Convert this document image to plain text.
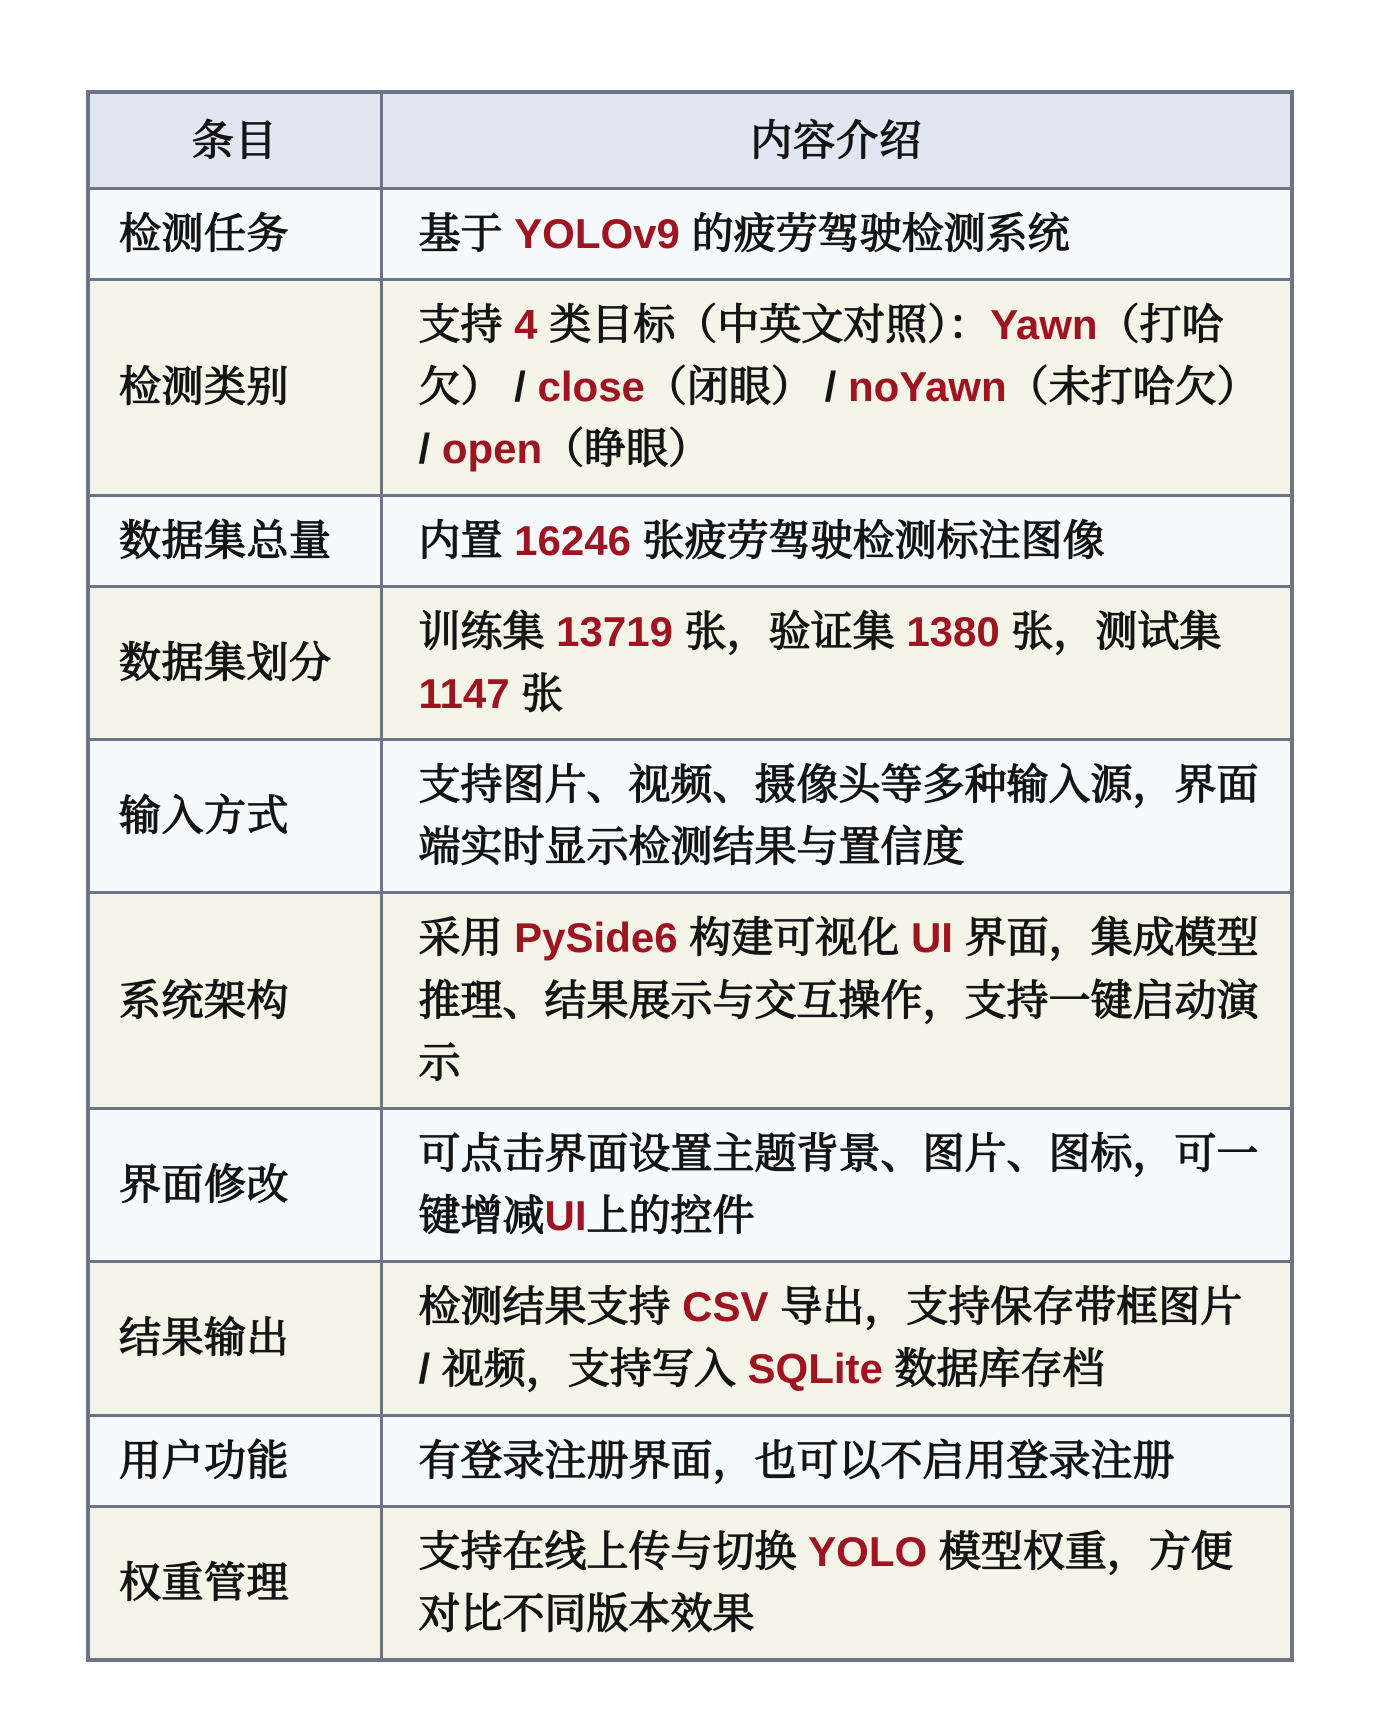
条目	内容介绍
检测任务	基于 YOLOv9 的疲劳驾驶检测系统
检测类别	支持 4 类目标（中英文对照）：Yawn（打哈欠） / close（闭眼） / noYawn（未打哈欠） / open（睁眼）
数据集总量	内置 16246 张疲劳驾驶检测标注图像
数据集划分	训练集 13719 张，验证集 1380 张，测试集 1147 张
输入方式	支持图片、视频、摄像头等多种输入源，界面端实时显示检测结果与置信度
系统架构	采用 PySide6 构建可视化 UI 界面，集成模型推理、结果展示与交互操作，支持一键启动演示
界面修改	可点击界面设置主题背景、图片、图标，可一键增减UI上的控件
结果输出	检测结果支持 CSV 导出，支持保存带框图片 / 视频，支持写入 SQLite 数据库存档
用户功能	有登录注册界面，也可以不启用登录注册
权重管理	支持在线上传与切换 YOLO 模型权重，方便对比不同版本效果
